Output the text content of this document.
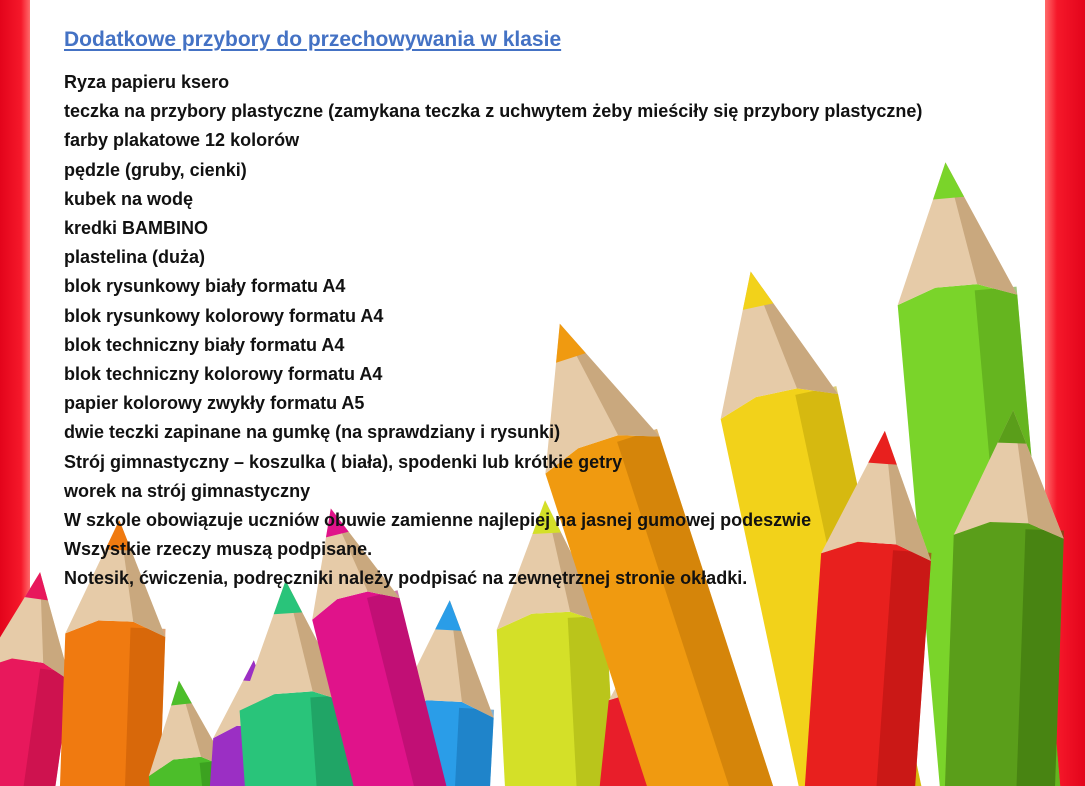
Dodatkowe przybory do przechowywania w klasie
Ryza papieru ksero
teczka na przybory plastyczne (zamykana teczka z uchwytem żeby mieściły się przybory plastyczne)
farby plakatowe 12 kolorów
pędzle (gruby, cienki)
kubek na wodę
kredki BAMBINO
plastelina (duża)
blok rysunkowy biały formatu A4
blok rysunkowy kolorowy formatu A4
blok techniczny biały formatu A4
blok techniczny kolorowy formatu A4
papier kolorowy zwykły formatu A5
dwie teczki zapinane na gumkę (na sprawdziany i rysunki)
Strój gimnastyczny – koszulka ( biała), spodenki lub krótkie getry
worek na strój gimnastyczny
W szkole obowiązuje uczniów obuwie zamienne najlepiej na jasnej gumowej podeszwie
Wszystkie rzeczy muszą podpisane.
Notesik, ćwiczenia, podręczniki należy podpisać na zewnętrznej stronie okładki.
